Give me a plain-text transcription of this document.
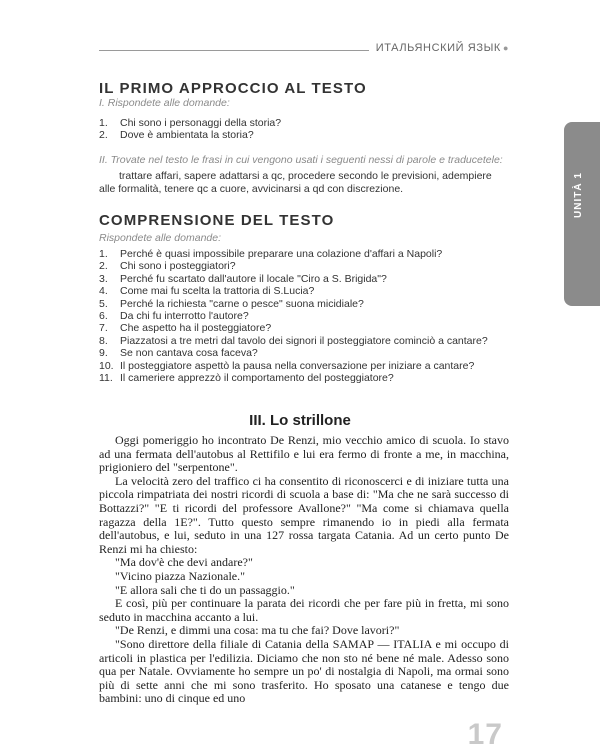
ИТАЛЬЯНСКИЙ ЯЗЫК ●
UNITÀ 1
IL PRIMO APPROCCIO AL TESTO
I. Rispondete alle domande:
1. Chi sono i personaggi della storia?
2. Dove è ambientata la storia?
II. Trovate nel testo le frasi in cui vengono usati i seguenti nessi di parole e traducetele:

trattare affari, sapere adattarsi a qc, procedere secondo le previsioni, adempiere alle formalità, tenere qc a cuore, avvicinarsi a qd con discrezione.

COMPRENSIONE DEL TESTO
Rispondete alle domande:
1. Perché è quasi impossibile preparare una colazione d'affari a Napoli?
2. Chi sono i posteggiatori?
3. Perché fu scartato dall'autore il locale "Ciro a S. Brigida"?
4. Come mai fu scelta la trattoria di S.Lucia?
5. Perché la richiesta "carne o pesce" suona micidiale?
6. Da chi fu interrotto l'autore?
7. Che aspetto ha il posteggiatore?
8. Piazzatosi a tre metri dal tavolo dei signori il posteggiatore cominciò a cantare?
9. Se non cantava cosa faceva?
10. Il posteggiatore aspettò la pausa nella conversazione per iniziare a cantare?
11. Il cameriere apprezzò il comportamento del posteggiatore?
III. Lo strillone

Oggi pomeriggio ho incontrato De Renzi, mio vecchio amico di scuola. Io stavo ad una fermata dell'autobus al Rettifilo e lui era fermo di fronte a me, in macchina, prigioniero del "serpentone".

La velocità zero del traffico ci ha consentito di riconoscerci e di iniziare tutta una piccola rimpatriata dei nostri ricordi di scuola a base di: "Ma che ne sarà successo di Bottazzi?" "E ti ricordi del professore Avallone?" "Ma come si chiamava quella ragazza della 1E?". Tutto questo sempre rimanendo io in piedi alla fermata dell'autobus, e lui, seduto in una 127 rossa targata Catania. Ad un certo punto De Renzi mi ha chiesto:

"Ma dov'è che devi andare?"

"Vicino piazza Nazionale."

"E allora sali che ti do un passaggio."

E così, più per continuare la parata dei ricordi che per fare più in fretta, mi sono seduto in macchina accanto a lui.

"De Renzi, e dimmi una cosa: ma tu che fai? Dove lavori?"

"Sono direttore della filiale di Catania della SAMAP — ITALIA e mi occupo di articoli in plastica per l'edilizia. Diciamo che non sto né bene né male. Adesso sono qua per Natale. Ovviamente ho sempre un po' di nostalgia di Napoli, ma ormai sono più di sette anni che mi sono trasferito. Ho sposato una catanese e tengo due bambini: uno di cinque ed uno

17
